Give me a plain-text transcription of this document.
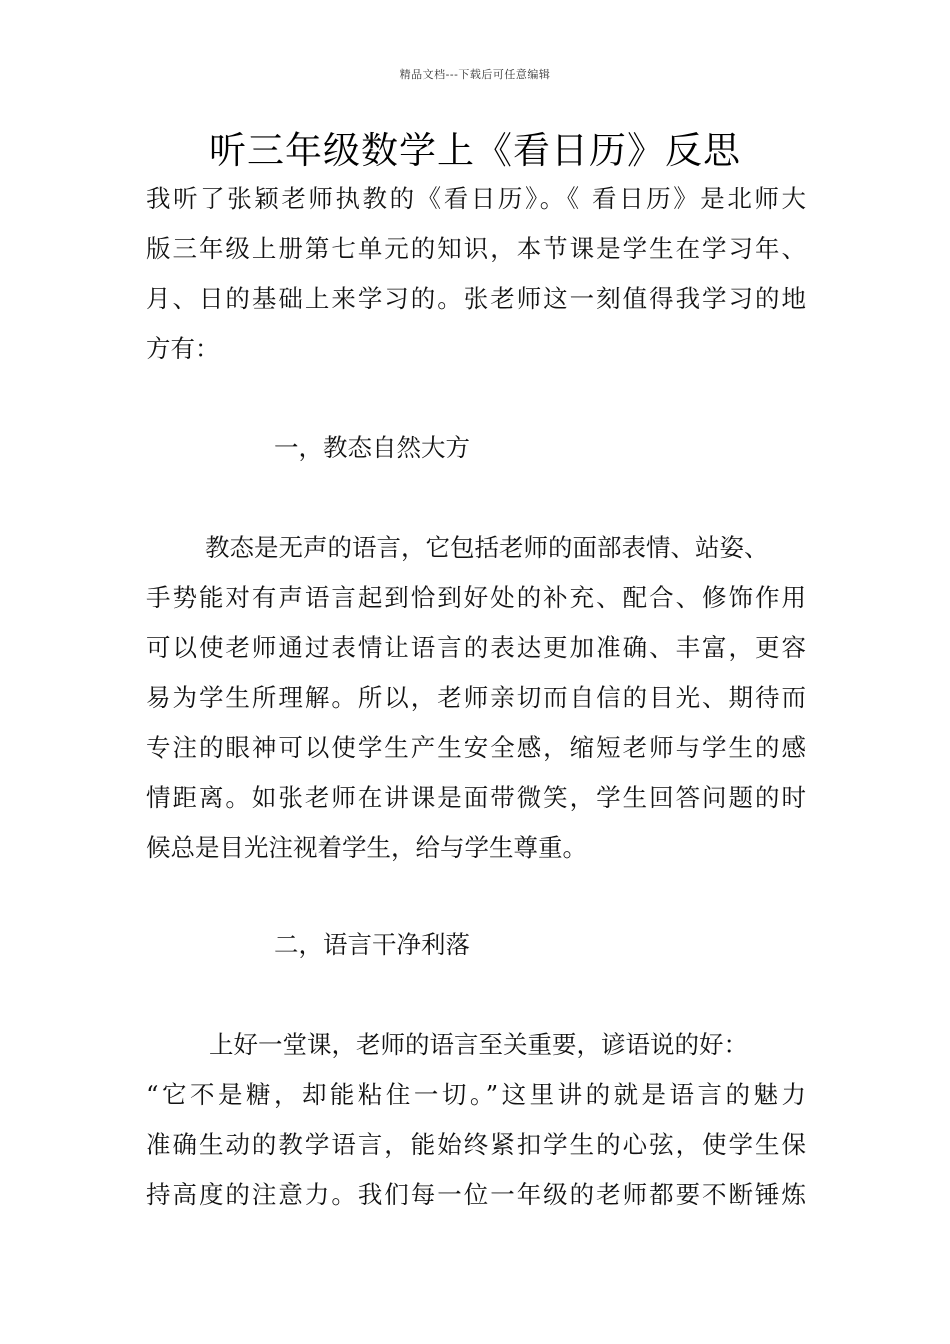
精品文档---下载后可任意编辑
听三年级数学上《看日历》反思
我听了张颖老师执教的《看日历》。《 看日历》是北师大
版三年级上册第七单元的知识，本节课是学生在学习年、
月、日的基础上来学习的。张老师这一刻值得我学习的地
方有：
一，教态自然大方
　　教态是无声的语言，它包括老师的面部表情、站姿、
手势能对有声语言起到恰到好处的补充、配合、修饰作用
可以使老师通过表情让语言的表达更加准确、丰富，更容
易为学生所理解。所以，老师亲切而自信的目光、期待而
专注的眼神可以使学生产生安全感，缩短老师与学生的感
情距离。如张老师在讲课是面带微笑，学生回答问题的时
候总是目光注视着学生，给与学生尊重。
二，语言干净利落
　　上好一堂课，老师的语言至关重要，谚语说的好：
“它不是糖，却能粘住一切。”这里讲的就是语言的魅力
准确生动的教学语言，能始终紧扣学生的心弦，使学生保
持高度的注意力。我们每一位一年级的老师都要不断锤炼
